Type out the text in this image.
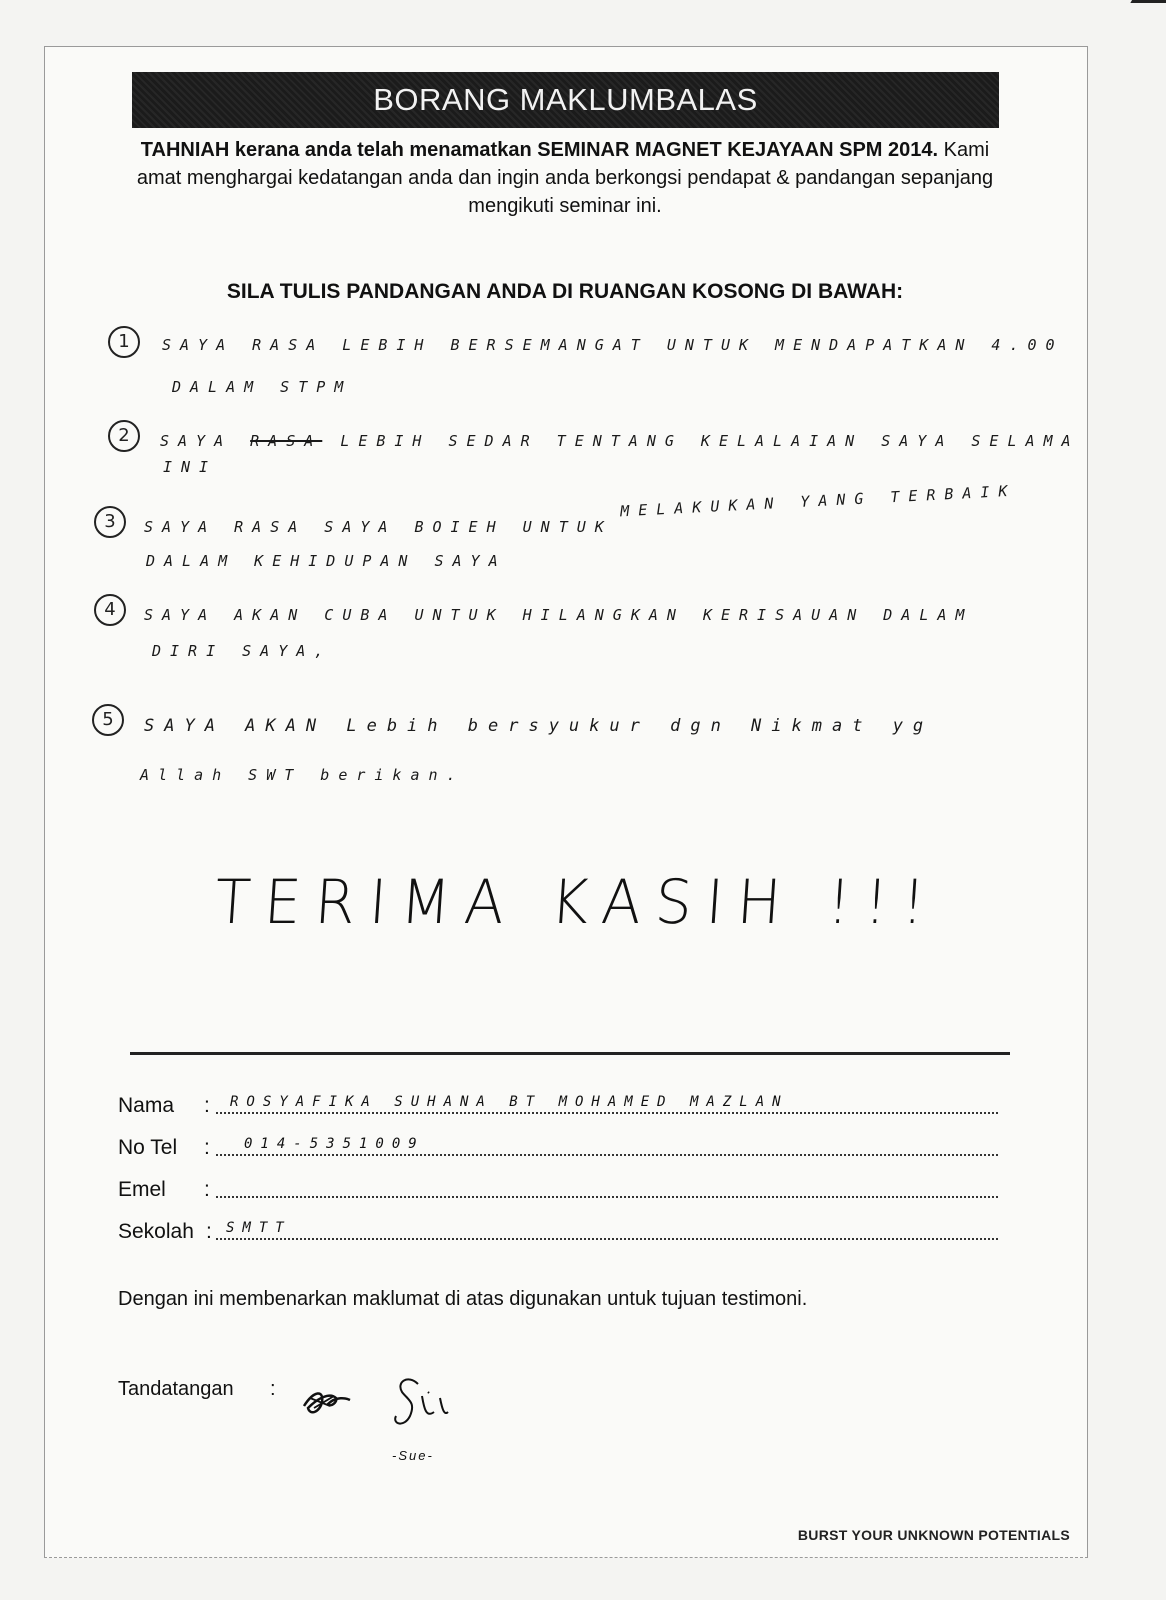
BORANG MAKLUMBALAS
TAHNIAH kerana anda telah menamatkan SEMINAR MAGNET KEJAYAAN SPM 2014. Kami amat menghargai kedatangan anda dan ingin anda berkongsi pendapat & pandangan sepanjang mengikuti seminar ini.
SILA TULIS PANDANGAN ANDA DI RUANGAN KOSONG DI BAWAH:
1	SAYA RASA LEBIH BERSEMANGAT UNTUK MENDAPATKAN 4.00
DALAM STPM
2	SAYA RASA LEBIH SEDAR TENTANG KELALAIAN SAYA SELAMA
INI
3	SAYA RASA SAYA BOIEH UNTUK
MELAKUKAN YANG TERBAIK
DALAM KEHIDUPAN SAYA
4	SAYA AKAN CUBA UNTUK HILANGKAN KERISAUAN DALAM
DIRI SAYA,
5	SAYA AKAN Lebih bersyukur dgn Nikmat yg
Allah SWT berikan.
TERIMA KASIH !!!
Nama : ROSYAFIKA SUHANA BT MOHAMED MAZLAN
No Tel : 014-5351009
Emel :
Sekolah : SMTT
Dengan ini membenarkan maklumat di atas digunakan untuk tujuan testimoni.
Tandatangan :
-Sue-
BURST YOUR UNKNOWN POTENTIALS
